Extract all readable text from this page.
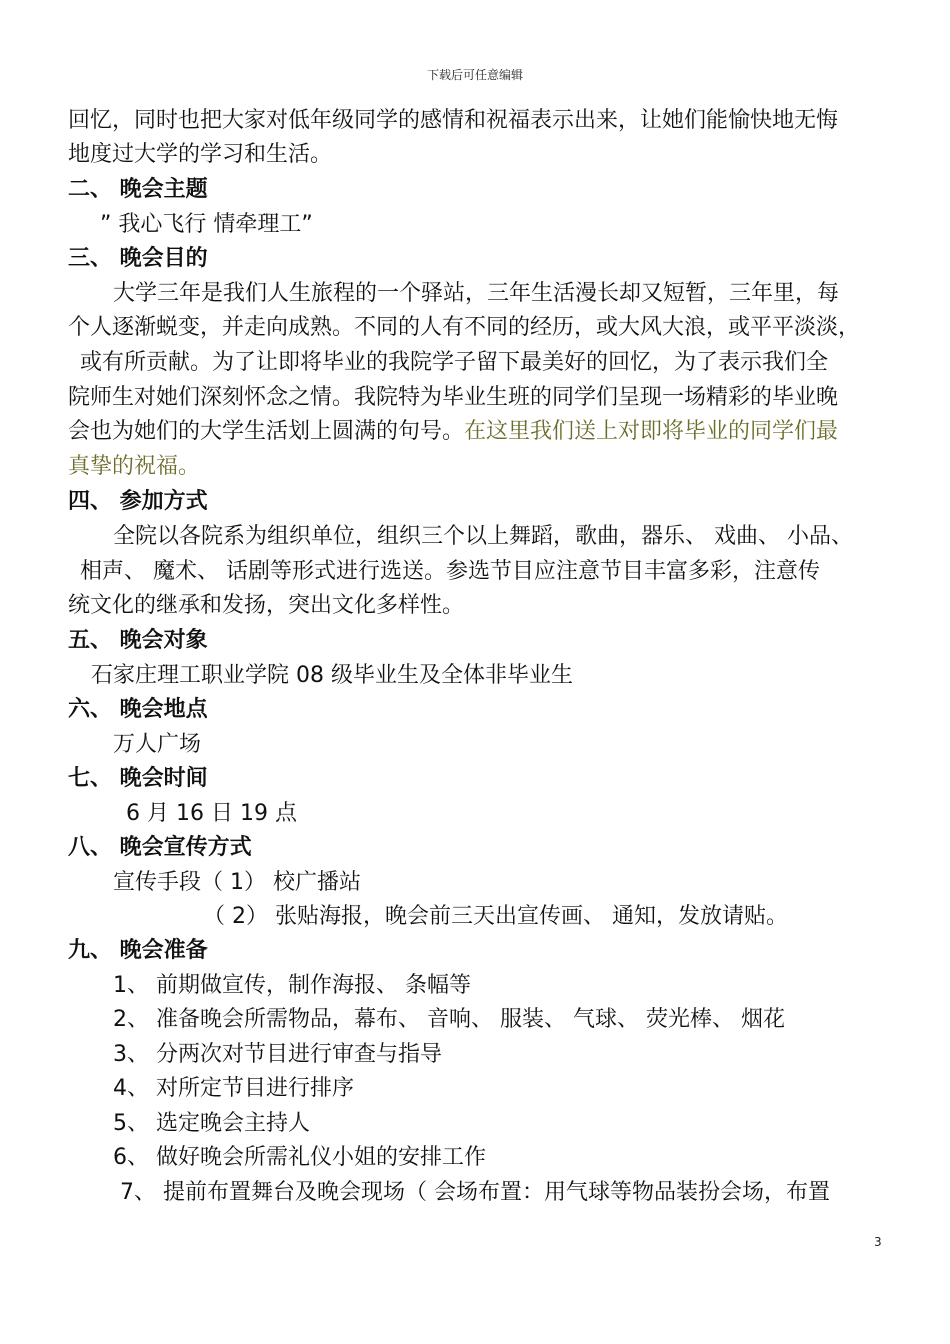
下载后可任意编辑
回忆，同时也把大家对低年级同学的感情和祝福表示出来，让她们能愉快地无悔
地度过大学的学习和生活。
二、 晚会主题
” 我心飞行 情牵理工”
三、 晚会目的
大学三年是我们人生旅程的一个驿站，三年生活漫长却又短暂，三年里，每
个人逐渐蜕变，并走向成熟。不同的人有不同的经历，或大风大浪，或平平淡淡，
或有所贡献。为了让即将毕业的我院学子留下最美好的回忆，为了表示我们全
院师生对她们深刻怀念之情。我院特为毕业生班的同学们呈现一场精彩的毕业晚
会也为她们的大学生活划上圆满的句号。在这里我们送上对即将毕业的同学们最
真挚的祝福。
四、 参加方式
全院以各院系为组织单位，组织三个以上舞蹈，歌曲，器乐、 戏曲、 小品、
相声、 魔术、 话剧等形式进行选送。参选节目应注意节目丰富多彩，注意传
统文化的继承和发扬，突出文化多样性。
五、 晚会对象
石家庄理工职业学院 08 级毕业生及全体非毕业生
六、 晚会地点
万人广场
七、 晚会时间
6 月 16 日 19 点
八、 晚会宣传方式
宣传手段（ 1） 校广播站
（ 2） 张贴海报，晚会前三天出宣传画、 通知，发放请贴。
九、 晚会准备
1、 前期做宣传，制作海报、 条幅等
2、 准备晚会所需物品，幕布、 音响、 服装、 气球、 荧光棒、 烟花
3、 分两次对节目进行审查与指导
4、 对所定节目进行排序
5、 选定晚会主持人
6、 做好晚会所需礼仪小姐的安排工作
7、 提前布置舞台及晚会现场（ 会场布置：用气球等物品装扮会场，布置
3
